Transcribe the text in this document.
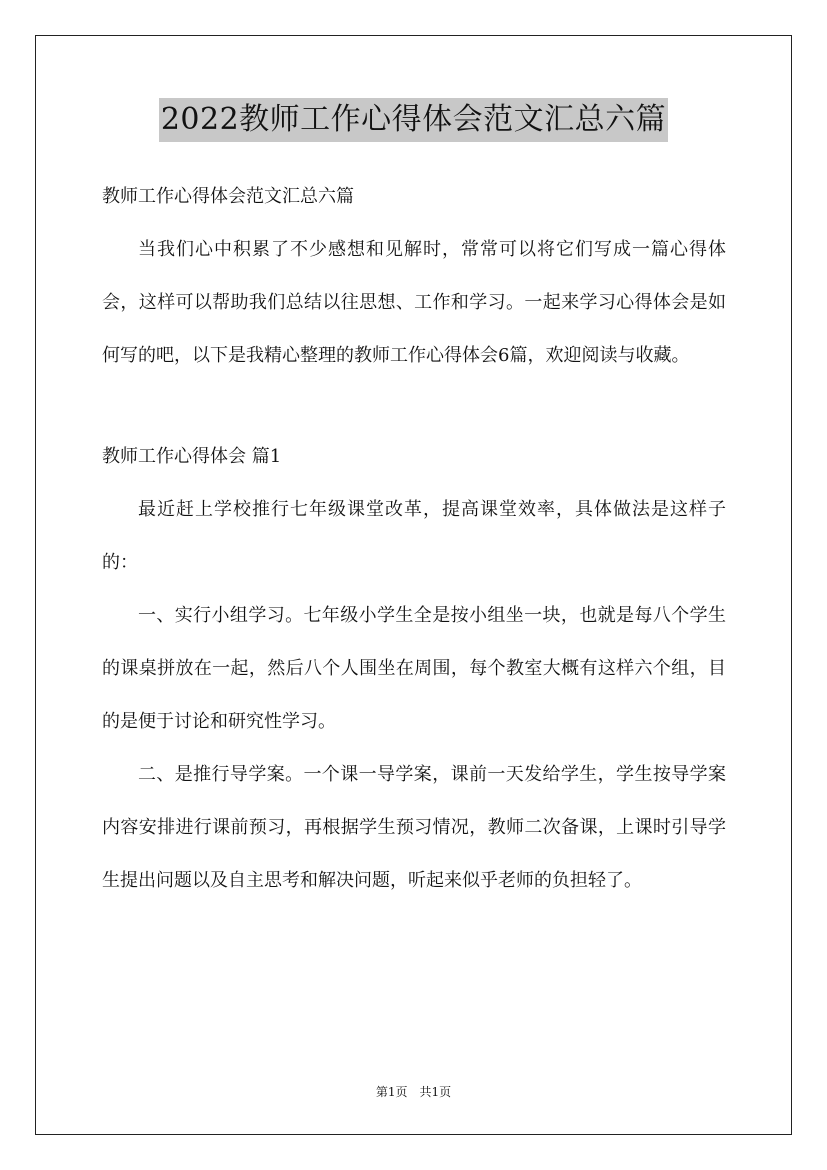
2022教师工作心得体会范文汇总六篇
教师工作心得体会范文汇总六篇

当我们心中积累了不少感想和见解时，常常可以将它们写成一篇心得体会，这样可以帮助我们总结以往思想、工作和学习。一起来学习心得体会是如何写的吧，以下是我精心整理的教师工作心得体会6篇，欢迎阅读与收藏。

教师工作心得体会 篇1

最近赶上学校推行七年级课堂改革，提高课堂效率，具体做法是这样子的：

一、实行小组学习。七年级小学生全是按小组坐一块，也就是每八个学生的课桌拼放在一起，然后八个人围坐在周围，每个教室大概有这样六个组，目的是便于讨论和研究性学习。

二、是推行导学案。一个课一导学案，课前一天发给学生，学生按导学案内容安排进行课前预习，再根据学生预习情况，教师二次备课，上课时引导学生提出问题以及自主思考和解决问题，听起来似乎老师的负担轻了。

第1页　共1页
